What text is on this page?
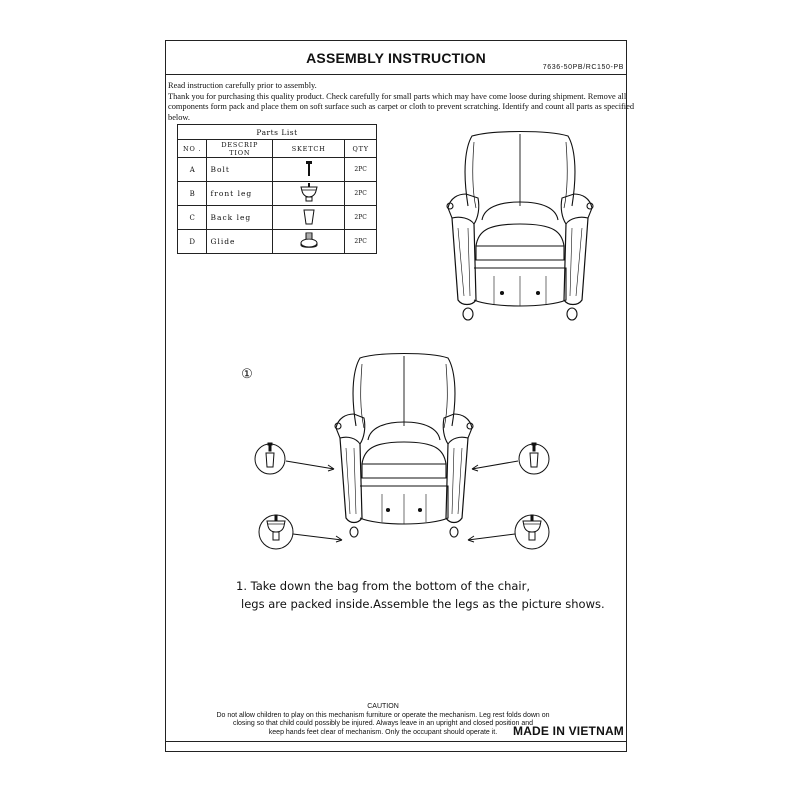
ASSEMBLY INSTRUCTION
7636-50PB/RC150-PB
Read instruction carefully prior to assembly.
Thank you for purchasing this quality product. Check carefully for small parts which may have come loose during shipment. Remove all
components form pack and place them on soft surface such as carpet or cloth to prevent scratching. Identify and count all parts as specified
below.
Parts List			
NO .	DESCRIP TION	SKETCH	QTY
A	Bolt		2PC
B	front leg		2PC
C	Back leg		2PC
D	Glide		2PC
①
1. Take down the bag from the bottom of the chair,
legs are packed inside.Assemble the legs as the picture shows.
CAUTION
Do not allow children to play on this mechanism furniture or operate the mechanism. Leg rest folds down on
closing so that child could possibly be injured. Always leave in an upright and closed position and
keep hands feet clear of mechanism. Only the occupant should operate it.	MADE IN VIETNAM
